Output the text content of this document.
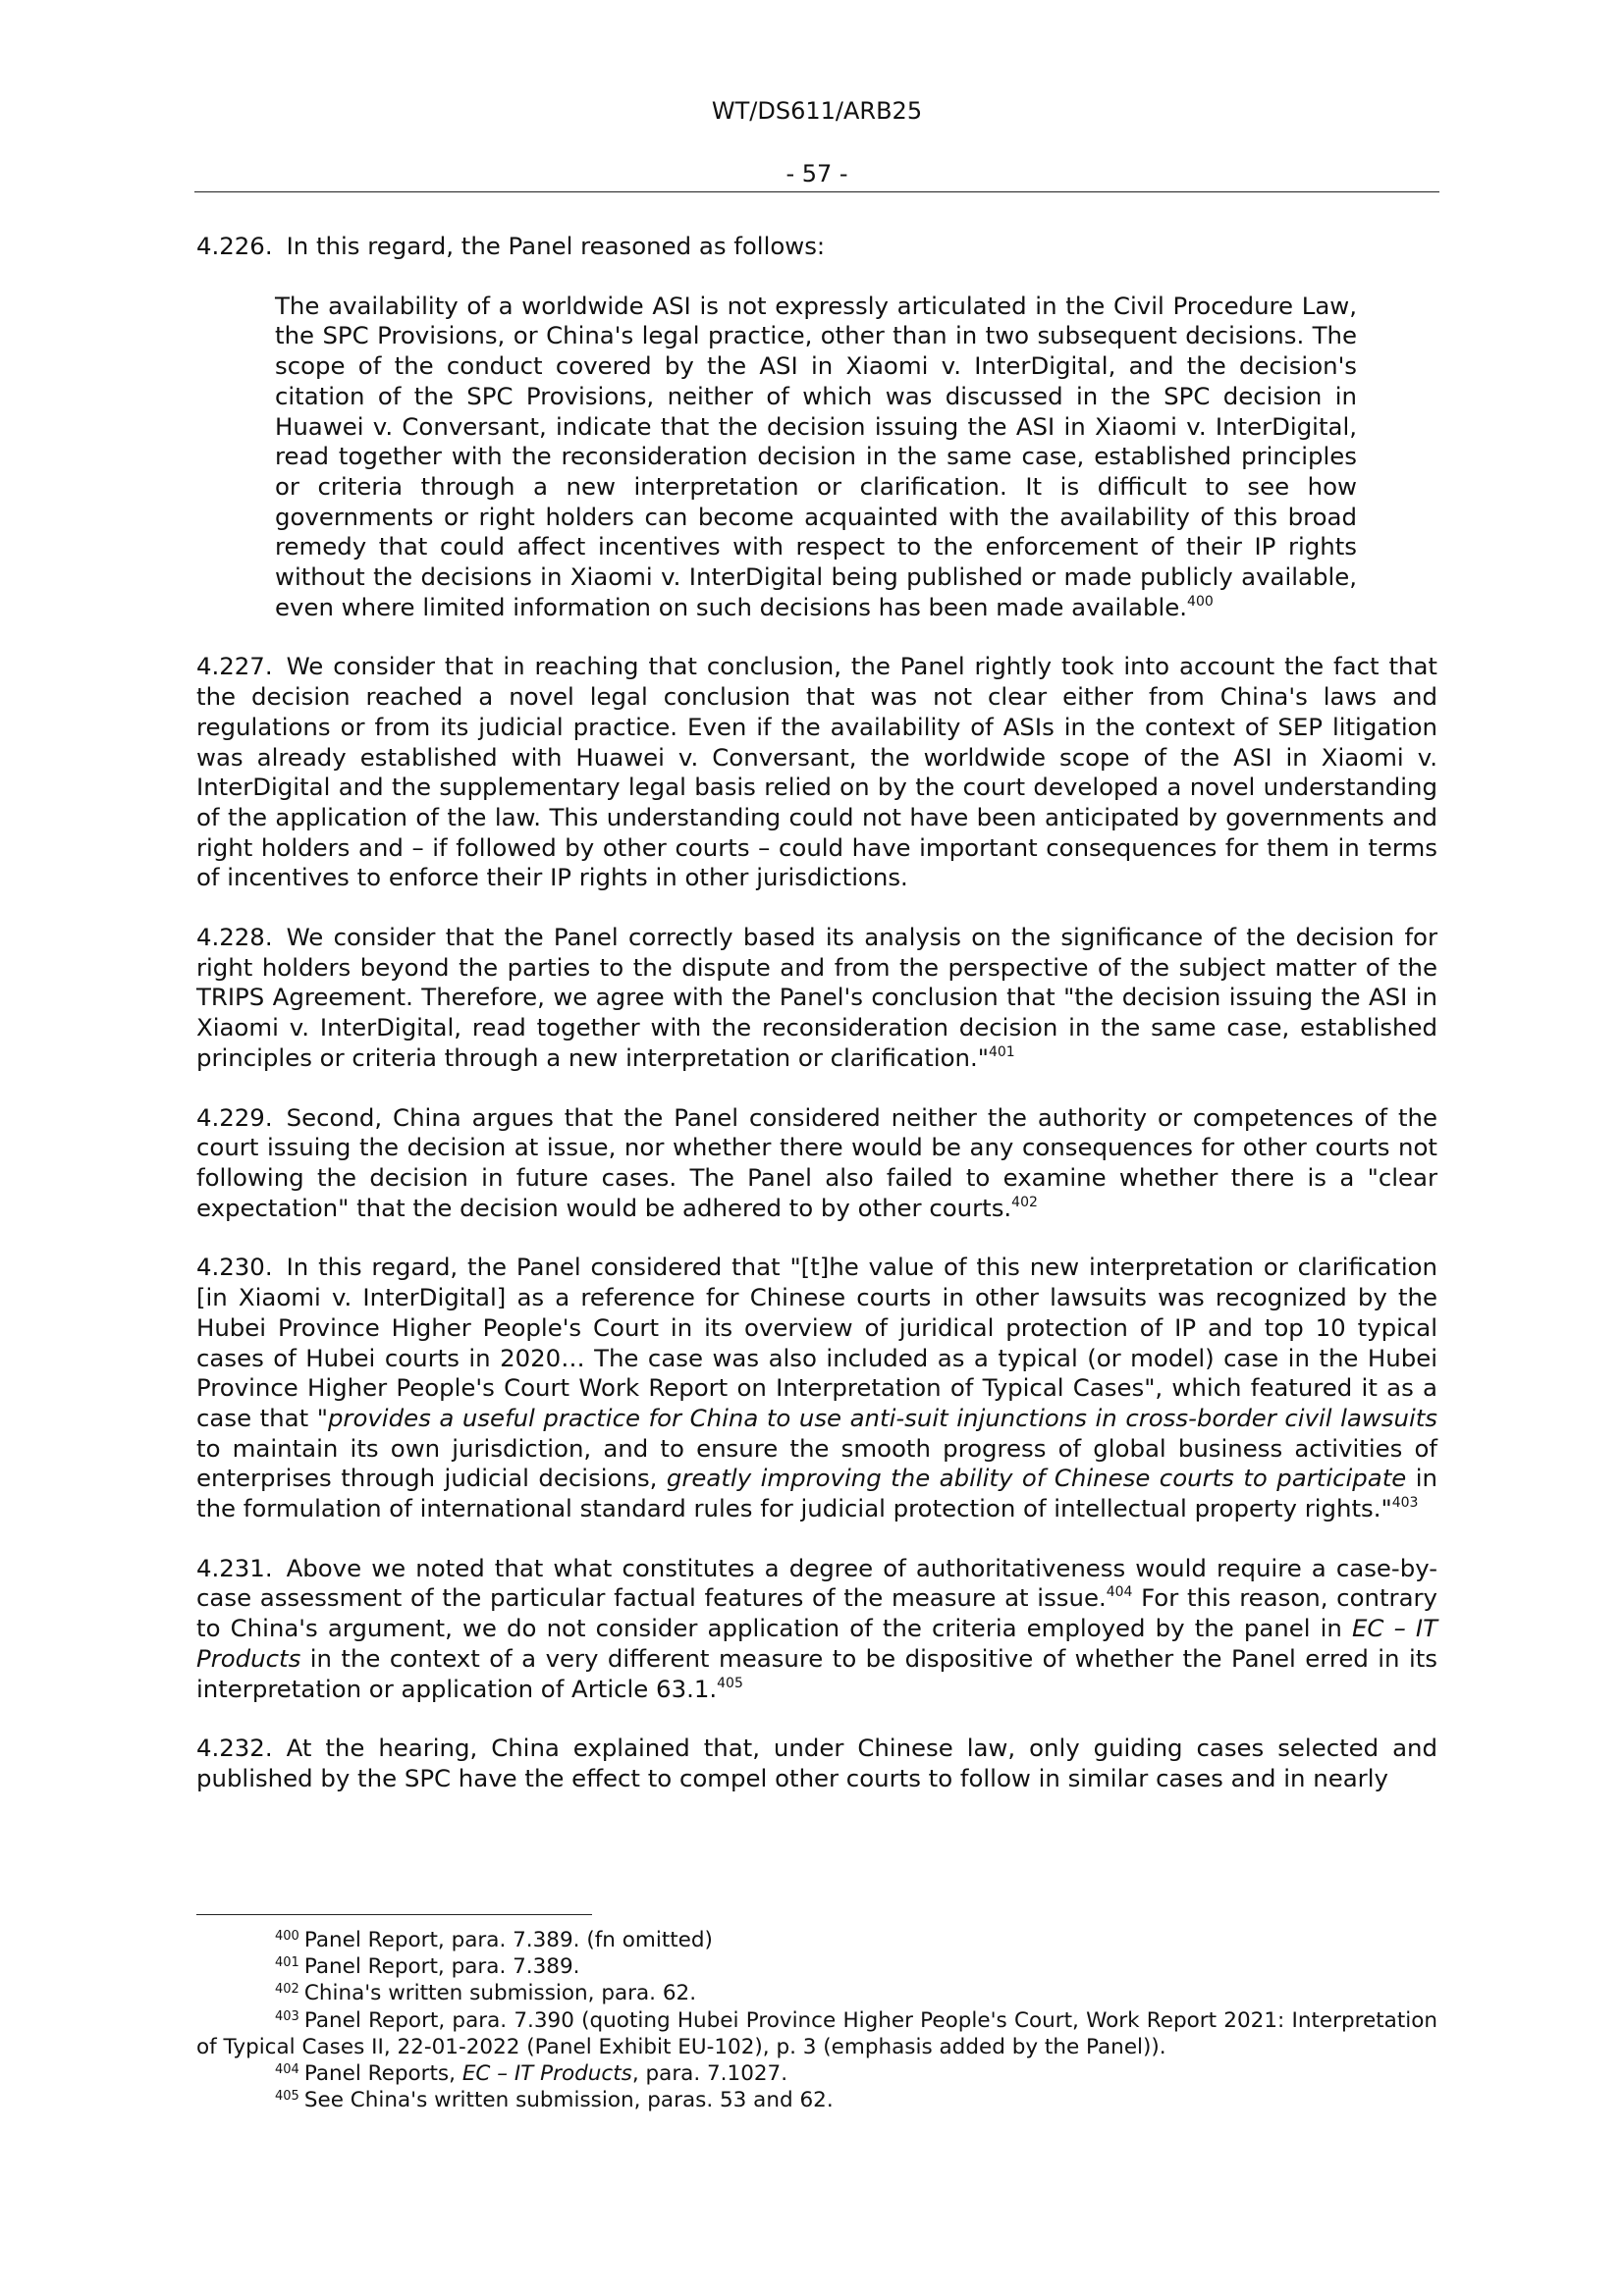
WT/DS611/ARB25
- 57 -

4.226. In this regard, the Panel reasoned as follows:

The availability of a worldwide ASI is not expressly articulated in the Civil Procedure Law, the SPC Provisions, or China's legal practice, other than in two subsequent decisions. The scope of the conduct covered by the ASI in Xiaomi v. InterDigital, and the decision's citation of the SPC Provisions, neither of which was discussed in the SPC decision in Huawei v. Conversant, indicate that the decision issuing the ASI in Xiaomi v. InterDigital, read together with the reconsideration decision in the same case, established principles or criteria through a new interpretation or clarification. It is difficult to see how governments or right holders can become acquainted with the availability of this broad remedy that could affect incentives with respect to the enforcement of their IP rights without the decisions in Xiaomi v. InterDigital being published or made publicly available, even where limited information on such decisions has been made available.$^{400}$

4.227. We consider that in reaching that conclusion, the Panel rightly took into account the fact that the decision reached a novel legal conclusion that was not clear either from China's laws and regulations or from its judicial practice. Even if the availability of ASIs in the context of SEP litigation was already established with Huawei v. Conversant, the worldwide scope of the ASI in Xiaomi v. InterDigital and the supplementary legal basis relied on by the court developed a novel understanding of the application of the law. This understanding could not have been anticipated by governments and right holders and – if followed by other courts – could have important consequences for them in terms of incentives to enforce their IP rights in other jurisdictions.

4.228. We consider that the Panel correctly based its analysis on the significance of the decision for right holders beyond the parties to the dispute and from the perspective of the subject matter of the TRIPS Agreement. Therefore, we agree with the Panel's conclusion that "the decision issuing the ASI in Xiaomi v. InterDigital, read together with the reconsideration decision in the same case, established principles or criteria through a new interpretation or clarification."$^{401}$

4.229. Second, China argues that the Panel considered neither the authority or competences of the court issuing the decision at issue, nor whether there would be any consequences for other courts not following the decision in future cases. The Panel also failed to examine whether there is a "clear expectation" that the decision would be adhered to by other courts.$^{402}$

4.230. In this regard, the Panel considered that "[t]he value of this new interpretation or clarification [in Xiaomi v. InterDigital] as a reference for Chinese courts in other lawsuits was recognized by the Hubei Province Higher People's Court in its overview of juridical protection of IP and top 10 typical cases of Hubei courts in 2020… The case was also included as a typical (or model) case in the Hubei Province Higher People's Court Work Report on Interpretation of Typical Cases", which featured it as a case that "provides a useful practice for China to use anti-suit injunctions in cross-border civil lawsuits to maintain its own jurisdiction, and to ensure the smooth progress of global business activities of enterprises through judicial decisions, greatly improving the ability of Chinese courts to participate in the formulation of international standard rules for judicial protection of intellectual property rights."$^{403}$

4.231. Above we noted that what constitutes a degree of authoritativeness would require a case-by-case assessment of the particular factual features of the measure at issue.$^{404}$ For this reason, contrary to China's argument, we do not consider application of the criteria employed by the panel in EC – IT Products in the context of a very different measure to be dispositive of whether the Panel erred in its interpretation or application of Article 63.1.$^{405}$

4.232. At the hearing, China explained that, under Chinese law, only guiding cases selected and published by the SPC have the effect to compel other courts to follow in similar cases and in nearly

$^{400}$ Panel Report, para. 7.389. (fn omitted)

$^{401}$ Panel Report, para. 7.389.

$^{402}$ China's written submission, para. 62.

$^{403}$ Panel Report, para. 7.390 (quoting Hubei Province Higher People's Court, Work Report 2021: Interpretation of Typical Cases II, 22-01-2022 (Panel Exhibit EU-102), p. 3 (emphasis added by the Panel)).

$^{404}$ Panel Reports, EC – IT Products, para. 7.1027.

$^{405}$ See China's written submission, paras. 53 and 62.
